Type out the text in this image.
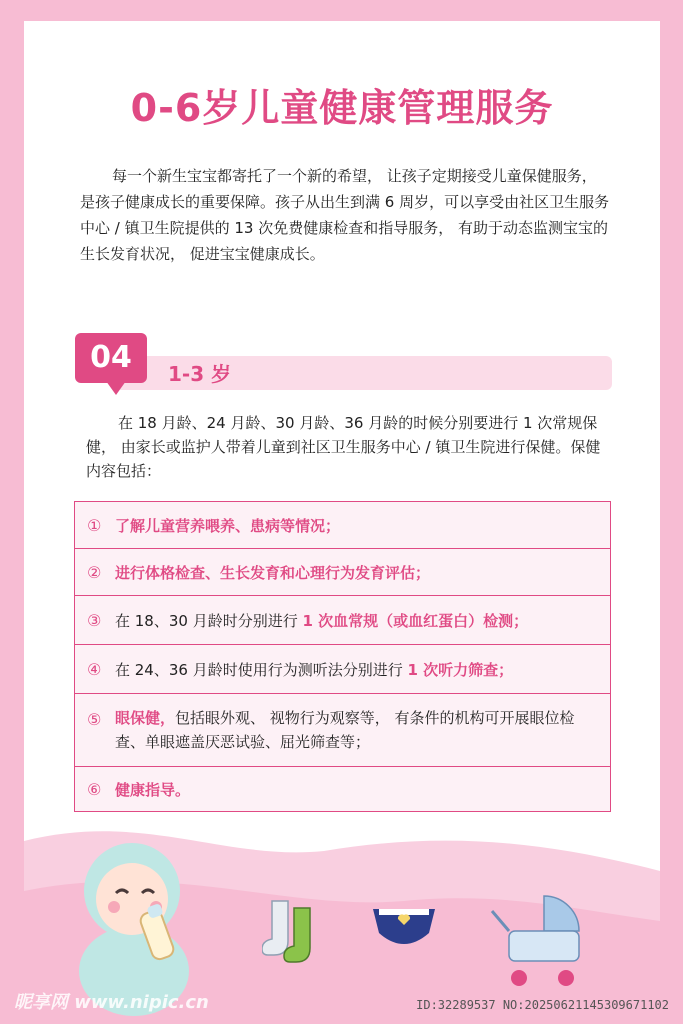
0-6岁儿童健康管理服务
每一个新生宝宝都寄托了一个新的希望， 让孩子定期接受儿童保健服务， 是孩子健康成长的重要保障。孩子从出生到满 6 周岁，可以享受由社区卫生服务中心 / 镇卫生院提供的 13 次免费健康检查和指导服务， 有助于动态监测宝宝的生长发育状况， 促进宝宝健康成长。
04	1-3 岁
在 18 月龄、24 月龄、30 月龄、36 月龄的时候分别要进行 1 次常规保健， 由家长或监护人带着儿童到社区卫生服务中心 / 镇卫生院进行保健。保健内容包括：
① 了解儿童营养喂养、患病等情况；
② 进行体格检查、生长发育和心理行为发育评估；
③ 在 18、30 月龄时分别进行 1 次血常规（或血红蛋白）检测；
④ 在 24、36 月龄时使用行为测听法分别进行 1 次听力筛查；
⑤ 眼保健，包括眼外观、 视物行为观察等， 有条件的机构可开展眼位检查、单眼遮盖厌恶试验、屈光筛查等；
⑥ 健康指导。
昵享网 www.nipic.cn	ID:32289537 NO:20250621145309671102
